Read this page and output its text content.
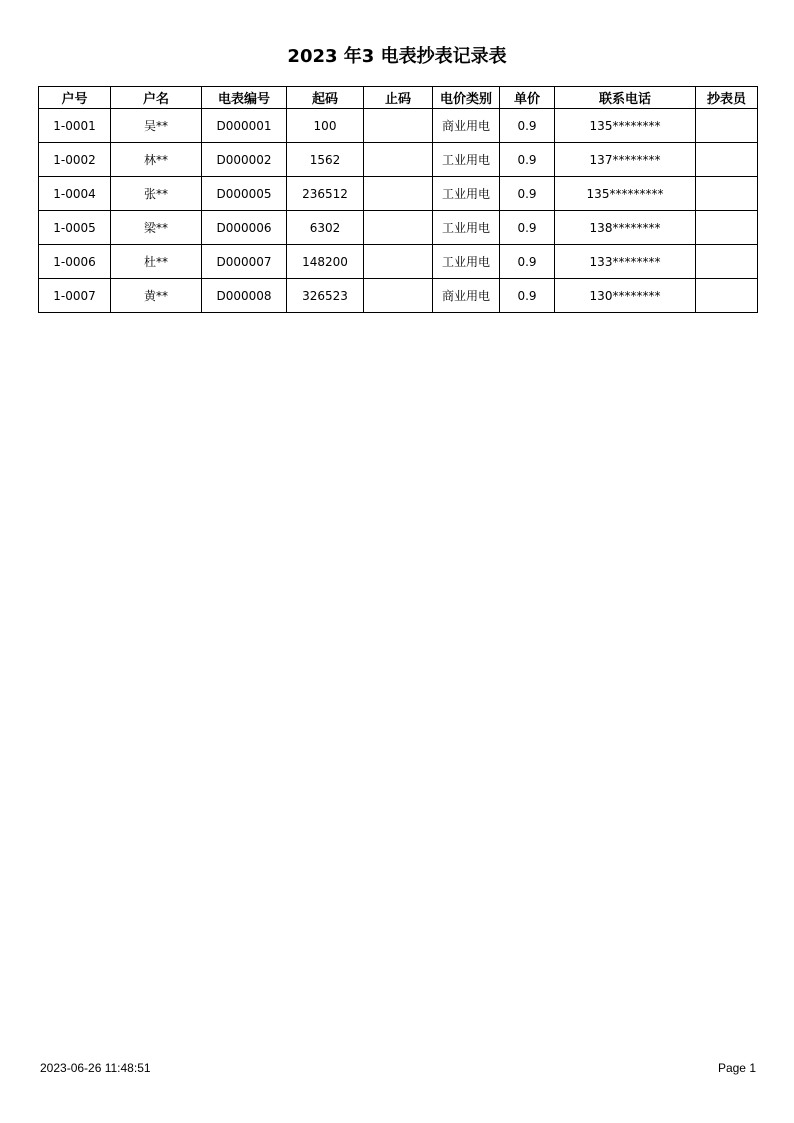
2023 年3 电表抄表记录表
户号	户名	电表编号	起码	止码	电价类别	单价	联系电话	抄表员
1-0001	吴**	D000001	100		商业用电	0.9	135********	
1-0002	林**	D000002	1562		工业用电	0.9	137********	
1-0004	张**	D000005	236512		工业用电	0.9	135*********	
1-0005	梁**	D000006	6302		工业用电	0.9	138********	
1-0006	杜**	D000007	148200		工业用电	0.9	133********	
1-0007	黄**	D000008	326523		商业用电	0.9	130********	
2023-06-26 11:48:51	Page 1
